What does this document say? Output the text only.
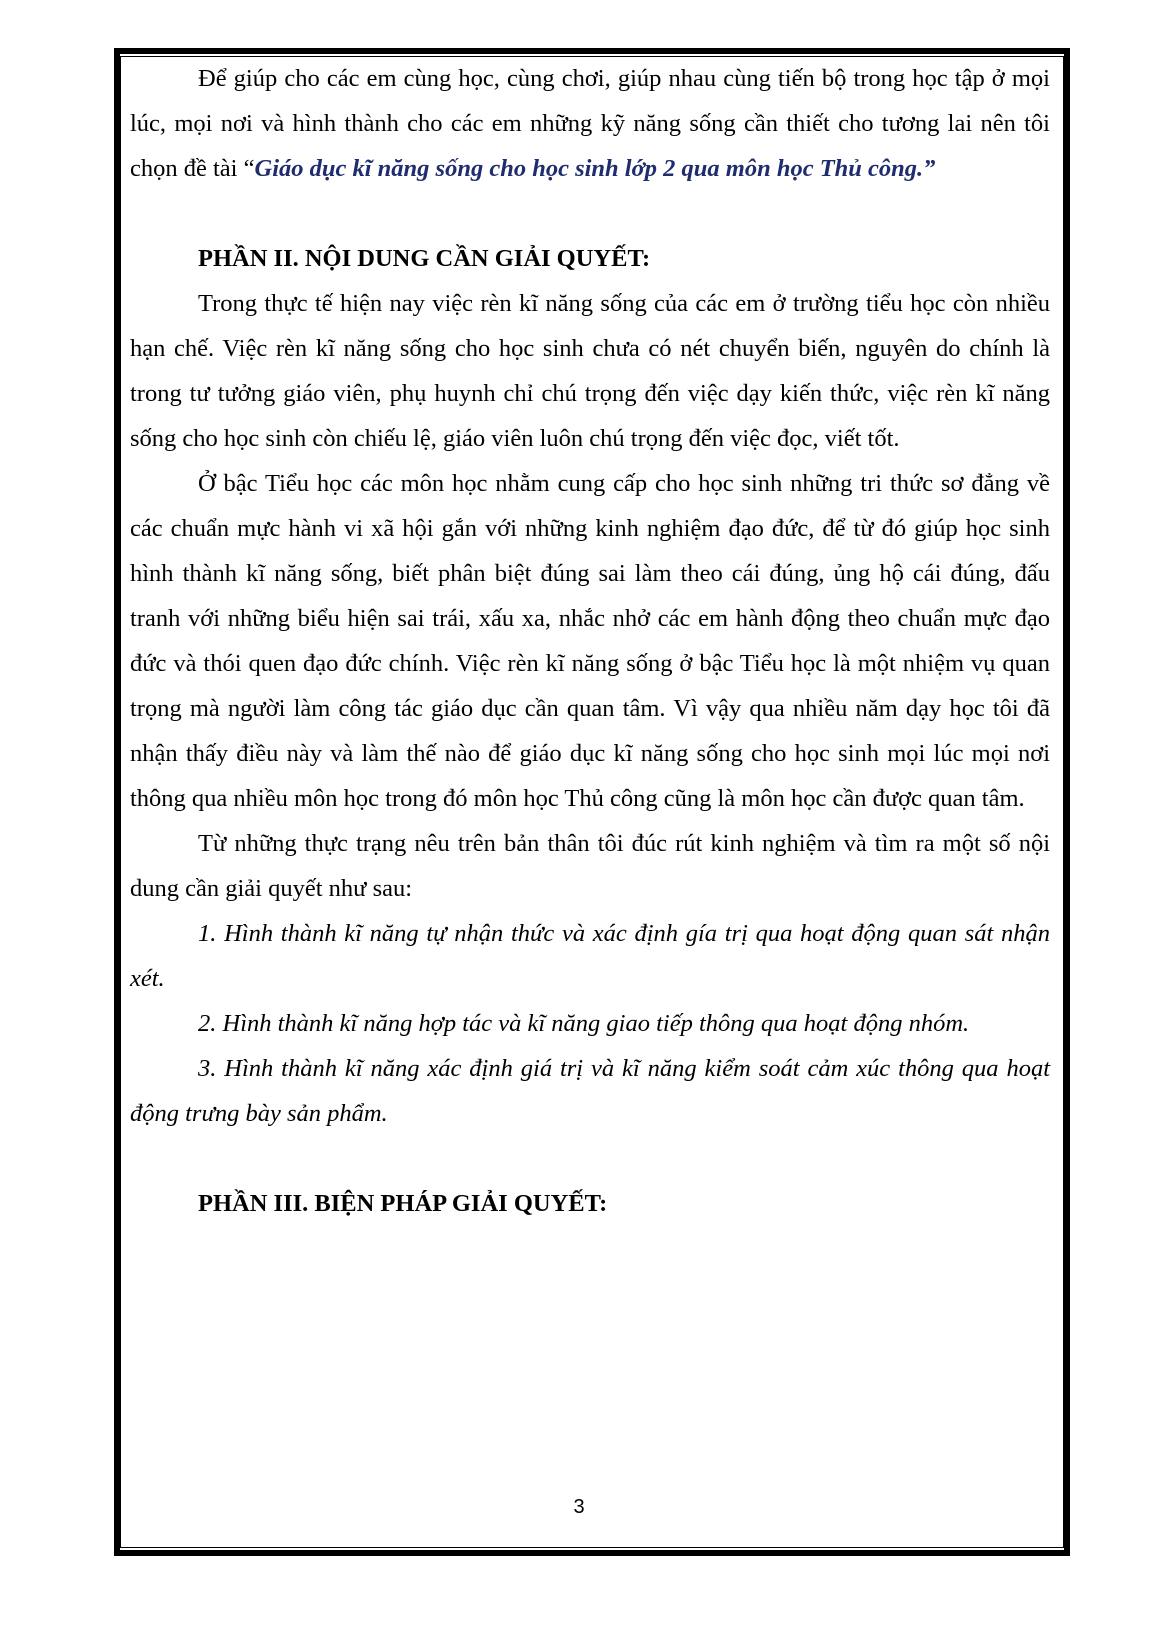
Để giúp cho các em cùng học, cùng chơi, giúp nhau cùng tiến bộ trong học tập ở mọi lúc, mọi nơi và hình thành cho các em những kỹ năng sống cần thiết cho tương lai nên tôi chọn đề tài “Giáo dục kĩ năng sống cho học sinh lớp 2 qua môn học Thủ công.”

PHẦN II. NỘI DUNG CẦN GIẢI QUYẾT:

Trong thực tế hiện nay việc rèn kĩ năng sống của các em ở trường tiểu học còn nhiều hạn chế. Việc rèn kĩ năng sống cho học sinh chưa có nét chuyển biến, nguyên do chính là trong tư tưởng giáo viên, phụ huynh chỉ chú trọng đến việc dạy kiến thức, việc rèn kĩ năng sống cho học sinh còn chiếu lệ, giáo viên luôn chú trọng đến việc đọc, viết tốt.

Ở bậc Tiểu học các môn học nhằm cung cấp cho học sinh những tri thức sơ đẳng về các chuẩn mực hành vi xã hội gắn với những kinh nghiệm đạo đức, để từ đó giúp học sinh hình thành kĩ năng sống, biết phân biệt đúng sai làm theo cái đúng, ủng hộ cái đúng, đấu tranh với những biểu hiện sai trái, xấu xa, nhắc nhở các em hành động theo chuẩn mực đạo đức và thói quen đạo đức chính. Việc rèn kĩ năng sống ở bậc Tiểu học là một nhiệm vụ quan trọng mà người làm công tác giáo dục cần quan tâm. Vì vậy qua nhiều năm dạy học tôi đã nhận thấy điều này và làm thế nào để giáo dục kĩ năng sống cho học sinh mọi lúc mọi nơi thông qua nhiều môn học trong đó môn học Thủ công cũng là môn học cần được quan tâm.

Từ những thực trạng nêu trên bản thân tôi đúc rút kinh nghiệm và tìm ra một số nội dung cần giải quyết như sau:

1. Hình thành kĩ năng tự nhận thức và xác định gía trị qua hoạt động quan sát nhận xét.

2. Hình thành kĩ năng hợp tác và kĩ năng giao tiếp thông qua hoạt động nhóm.

3. Hình thành kĩ năng xác định giá trị và kĩ năng kiểm soát cảm xúc thông qua hoạt động trưng bày sản phẩm.

PHẦN III. BIỆN PHÁP GIẢI QUYẾT:

3
